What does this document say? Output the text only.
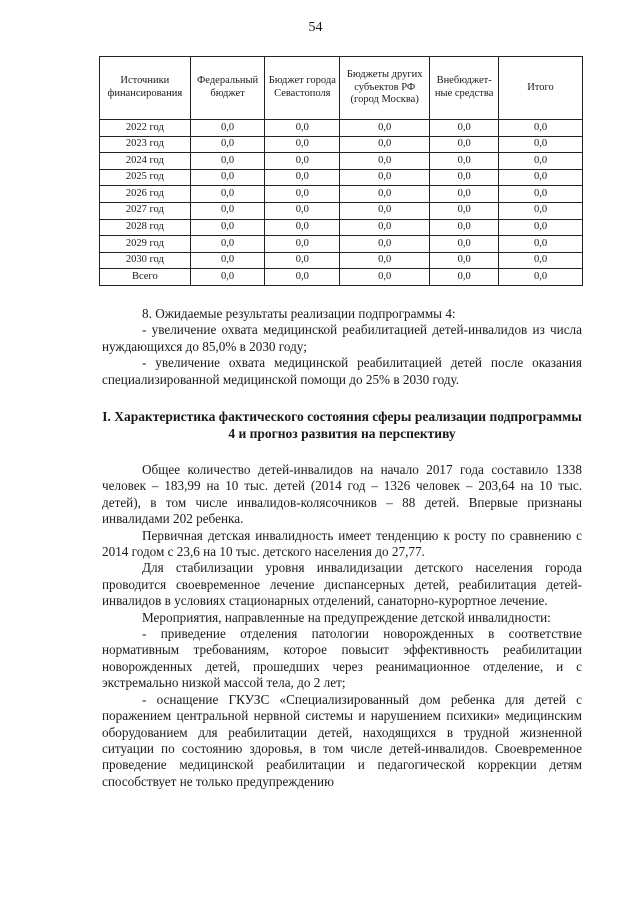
54
Источники финансирования	Федеральный бюджет	Бюджет города Севастополя	Бюджеты других субъектов РФ (город Москва)	Внебюджет-ные средства	Итого
2022 год	0,0	0,0	0,0	0,0	0,0
2023 год	0,0	0,0	0,0	0,0	0,0
2024 год	0,0	0,0	0,0	0,0	0,0
2025 год	0,0	0,0	0,0	0,0	0,0
2026 год	0,0	0,0	0,0	0,0	0,0
2027 год	0,0	0,0	0,0	0,0	0,0
2028 год	0,0	0,0	0,0	0,0	0,0
2029 год	0,0	0,0	0,0	0,0	0,0
2030 год	0,0	0,0	0,0	0,0	0,0
Всего	0,0	0,0	0,0	0,0	0,0

8. Ожидаемые результаты реализации подпрограммы 4:

- увеличение охвата медицинской реабилитацией детей-инвалидов из числа нуждающихся до 85,0% в 2030 году;

- увеличение охвата медицинской реабилитацией детей после оказания специализированной медицинской помощи до 25% в 2030 году.

I. Характеристика фактического состояния сферы реализации подпрограммы 4 и прогноз развития на перспективу

Общее количество детей-инвалидов на начало 2017 года составило 1338 человек – 183,99 на 10 тыс. детей (2014 год – 1326 человек – 203,64 на 10 тыс. детей), в том числе инвалидов-колясочников – 88 детей. Впервые признаны инвалидами 202 ребенка.

Первичная детская инвалидность имеет тенденцию к росту по сравнению с 2014 годом с 23,6 на 10 тыс. детского населения до 27,77.

Для стабилизации уровня инвалидизации детского населения города проводится своевременное лечение диспансерных детей, реабилитация детей-инвалидов в условиях стационарных отделений, санаторно-курортное лечение.

Мероприятия, направленные на предупреждение детской инвалидности:

- приведение отделения патологии новорожденных в соответствие нормативным требованиям, которое повысит эффективность реабилитации новорожденных детей, прошедших через реанимационное отделение, и с экстремально низкой массой тела, до 2 лет;

- оснащение ГКУЗС «Специализированный дом ребенка для детей с поражением центральной нервной системы и нарушением психики» медицинским оборудованием для реабилитации детей, находящихся в трудной жизненной ситуации по состоянию здоровья, в том числе детей-инвалидов. Своевременное проведение медицинской реабилитации и педагогической коррекции детям способствует не только предупреждению
